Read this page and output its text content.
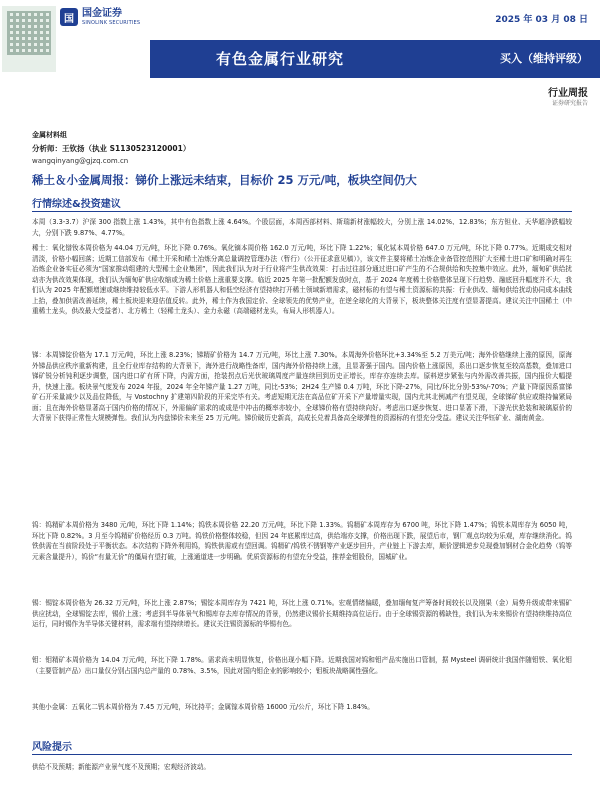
国
国金证券
SINOLINK SECURITIES	2025 年 03 月 08 日
有色金属行业研究	买入（维持评级）
行业周报
证券研究报告
金属材料组
分析师：王钦扬（执业 S1130523120001）
wangqinyang@gjzq.com.cn
稀土＆小金属周报：锑价上涨远未结束，目标价 25 万元/吨，板块空间仍大
行情综述&投资建议
本周（3.3-3.7）沪深 300 指数上涨 1.43%，其中有色指数上涨 4.64%。个股层面，本周西部材料、斯瑞新材涨幅较大，分别上涨 14.02%、12.83%；东方钽业、天华超净跌幅较大，分别下跌 9.87%、4.77%。
稀土：氧化镨钕本周价格为 44.04 万元/吨，环比下降 0.76%。氧化镝本周价格 162.0 万元/吨，环比下降 1.22%；氧化铽本周价格 647.0 万元/吨，环比下降 0.77%。近期成交相对清淡，价格小幅回落；近期工信部发布《稀土开采和稀土冶炼分离总量调控管理办法（暂行）（公开征求意见稿）》，该文件主要将稀土冶炼企业备管控范围扩大至稀土进口矿和明确对再生冶炼企业备实征必须为“国家推动组建的大型稀土企业集团”，因此我们认为对于行业将产生供改效果：打击过往部分通过进口矿产生的不合规供给和失控集中效应。此外，缅甸矿供给扰动亦为供改效果体现，我们认为缅甸矿供应收缩或为稀土价格上涨重要支撑。临近 2025 年第一批配额发放时点，基于 2024 年度稀土价格整体呈现下行趋势、融底回升幅度并不大，我们认为 2025 年配额增速或继续维持较低水平。下游人形机器人和低空经济有望持续打开稀土领域新增需求，磁材标的有望与稀土资源标的共振：行业供改、缅甸供给扰动协同成本曲线上抬，叠加供需改善延续，稀土板块迎来迎估值反转。此外，稀土作为我国定价、全球领先的优势产业，在逆全球化的大背景下，板块整体关注度有望显著提高。建议关注中国稀土（中重稀土龙头，供改最大受益者）、北方稀土（轻稀土龙头）、金力永磁（高端磁材龙头，布局人形机器人）。
锑：本周锑锭价格为 17.1 万元/吨，环比上涨 8.23%；锑精矿价格为 14.7 万元/吨，环比上涨 7.30%。本周海外价格环比+3.34%至 5.2 万美元/吨；海外价格继续上涨的原因，原海外锑品供应秩序重新构建，且全行业库存结构的大背景下，海外进行战略性备库，国内海外价格持续上涨，且显著强于国内。国内价格上涨原因，系出口逐步恢复至较高基数，叠加进口锑矿锐分析钝利逐步调整，国内进口矿有所下降，内需方面，抢装拐点后光伏玻璃周度产量连续回到历史正增长，库存亦连续去库。原料逆步紧张与内外需改善共振，国内报价大幅提升，快速上涨。板块景气度发布 2024 年报，2024 年全年锑产量 1.27 万吨，同比-53%；2H24 生产锑 0.4 万吨，环比下降-27%，同比/环比分别-53%/-70%；产量下降原因系富锑矿石开采量减少以及品位降低，与 Vostochny 扩建第四阶段的开采完毕有关。考虑短期无法在高品位矿开采下产量增量实现，国内尤其北例减产有望兑现，全球锑矿供应或维持偏紧局面；且在海外价格显著高于国内价格的情况下，外需偏矿需求的或成是中冲击的概率亦较小，全球锑价格有望持续向好。考虑出口逐步恢复、进口显著下滑，下游光伏抢装和玻璃原价的大背景下获得正常性大规模弹性。我们认为内盘锑价未来至 25 万元/吨。锑价破历史新高，高成长兑着具备高全球弹性的资源标的有望充分受益。建议关注华钰矿业、湖南黄金。
钨：钨精矿本周价格为 3480 元/吨，环比下降 1.14%；钨铁本周价格 22.20 万元/吨，环比下降 1.33%。钨精矿本周库存为 6700 吨，环比下降 1.47%；钨铁本周库存为 6050 吨，环比下降 0.82%。3 月至今钨精矿价格经历 0.3 万吨。钨铁价格整体较稳，但因 24 年底累库过高，供给端亦支撑，价格出现下跌，展望后市，钢厂观点均较为乐观，库存继续消化。钨铁供需在当前阶段处于平衡状态。本次结构下降外利用钨，钨铁供需或有望回调。钨精矿/钨铁不锈钢等产业逐步回升，产业链上下游去库，顺价逻辑逆步兑现叠加钢材合金化趋势（钨等元素含量提升），钨价“有量无价”的僵局有望打破，上涨通道进一步明确。优质资源标的有望充分受益，推荐金钼股份，国城矿业。
锡：锡锭本周价格为 26.32 万元/吨，环比上涨 2.87%；锡锭本周库存为 7421 吨，环比上涨 0.71%。宏观情绪偏暖，叠加缅甸复产筹备时间较长以及刚果（金）局势升级或带来锡矿供应扰动，全球锡锭去库，锡价上涨；考虑到半导体景气和锡库存去库存情况的背景，仍然建议锡价长期维持高位运行。由于全球锡资源的稀缺性，我们认为未来锡价有望持续维持高位运行，同时锡作为半导体关键材料，需求端有望持续增长。建议关注锡资源标的华锡有色。
钼：钼精矿本周价格为 14.04 万元/吨，环比下降 1.78%。需求尚未明显恢复，价格出现小幅下降。近期我国对钨和钼产品实施出口管制，据 Mysteel 调研统计我国伴随钼铁、氧化钼（主要管制产品）出口量仅分别占国内总产量的 0.78%、3.5%，因此对国内钼企业的影响较小；钼板块战略属性强化。
其他小金属：五氧化二钒本周价格为 7.45 万元/吨，环比持平；金属镓本周价格 16000 元/公斤，环比下降 1.84%。
风险提示
供给不及预期；新能源产业景气度不及预期；宏观经济波动。
